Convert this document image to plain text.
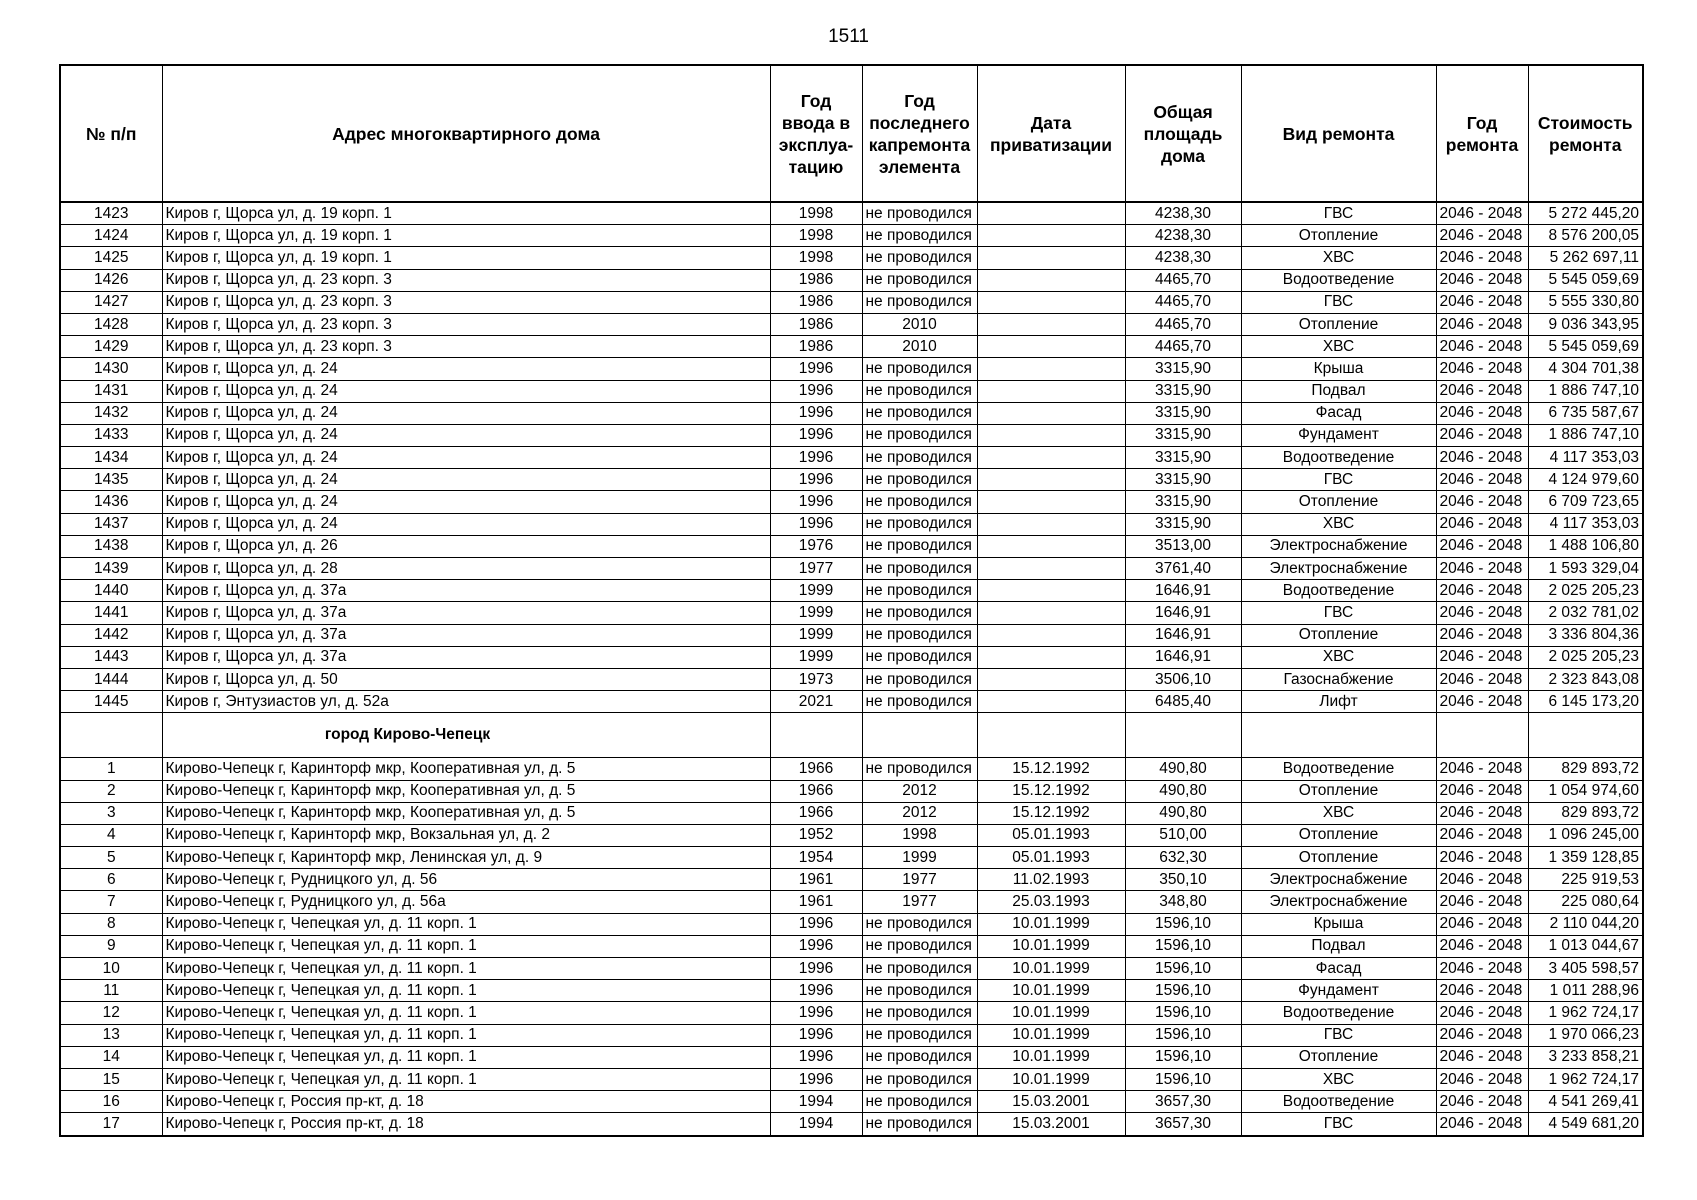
1511
№ п/п	Адрес многоквартирного дома	Год ввода в эксплуа-тацию	Год последнего капремонта элемента	Дата приватизации	Общая площадь дома	Вид ремонта	Год ремонта	Стоимость ремонта
1423	Киров г, Щорса ул, д. 19 корп. 1	1998	не проводился		4238,30	ГВС	2046 - 2048	5 272 445,20
1424	Киров г, Щорса ул, д. 19 корп. 1	1998	не проводился		4238,30	Отопление	2046 - 2048	8 576 200,05
1425	Киров г, Щорса ул, д. 19 корп. 1	1998	не проводился		4238,30	ХВС	2046 - 2048	5 262 697,11
1426	Киров г, Щорса ул, д. 23 корп. 3	1986	не проводился		4465,70	Водоотведение	2046 - 2048	5 545 059,69
1427	Киров г, Щорса ул, д. 23 корп. 3	1986	не проводился		4465,70	ГВС	2046 - 2048	5 555 330,80
1428	Киров г, Щорса ул, д. 23 корп. 3	1986	2010		4465,70	Отопление	2046 - 2048	9 036 343,95
1429	Киров г, Щорса ул, д. 23 корп. 3	1986	2010		4465,70	ХВС	2046 - 2048	5 545 059,69
1430	Киров г, Щорса ул, д. 24	1996	не проводился		3315,90	Крыша	2046 - 2048	4 304 701,38
1431	Киров г, Щорса ул, д. 24	1996	не проводился		3315,90	Подвал	2046 - 2048	1 886 747,10
1432	Киров г, Щорса ул, д. 24	1996	не проводился		3315,90	Фасад	2046 - 2048	6 735 587,67
1433	Киров г, Щорса ул, д. 24	1996	не проводился		3315,90	Фундамент	2046 - 2048	1 886 747,10
1434	Киров г, Щорса ул, д. 24	1996	не проводился		3315,90	Водоотведение	2046 - 2048	4 117 353,03
1435	Киров г, Щорса ул, д. 24	1996	не проводился		3315,90	ГВС	2046 - 2048	4 124 979,60
1436	Киров г, Щорса ул, д. 24	1996	не проводился		3315,90	Отопление	2046 - 2048	6 709 723,65
1437	Киров г, Щорса ул, д. 24	1996	не проводился		3315,90	ХВС	2046 - 2048	4 117 353,03
1438	Киров г, Щорса ул, д. 26	1976	не проводился		3513,00	Электроснабжение	2046 - 2048	1 488 106,80
1439	Киров г, Щорса ул, д. 28	1977	не проводился		3761,40	Электроснабжение	2046 - 2048	1 593 329,04
1440	Киров г, Щорса ул, д. 37а	1999	не проводился		1646,91	Водоотведение	2046 - 2048	2 025 205,23
1441	Киров г, Щорса ул, д. 37а	1999	не проводился		1646,91	ГВС	2046 - 2048	2 032 781,02
1442	Киров г, Щорса ул, д. 37а	1999	не проводился		1646,91	Отопление	2046 - 2048	3 336 804,36
1443	Киров г, Щорса ул, д. 37а	1999	не проводился		1646,91	ХВС	2046 - 2048	2 025 205,23
1444	Киров г, Щорса ул, д. 50	1973	не проводился		3506,10	Газоснабжение	2046 - 2048	2 323 843,08
1445	Киров г, Энтузиастов ул, д. 52а	2021	не проводился		6485,40	Лифт	2046 - 2048	6 145 173,20
	город Кирово-Чепецк							
1	Кирово-Чепецк г, Каринторф мкр, Кооперативная ул, д. 5	1966	не проводился	15.12.1992	490,80	Водоотведение	2046 - 2048	829 893,72
2	Кирово-Чепецк г, Каринторф мкр, Кооперативная ул, д. 5	1966	2012	15.12.1992	490,80	Отопление	2046 - 2048	1 054 974,60
3	Кирово-Чепецк г, Каринторф мкр, Кооперативная ул, д. 5	1966	2012	15.12.1992	490,80	ХВС	2046 - 2048	829 893,72
4	Кирово-Чепецк г, Каринторф мкр, Вокзальная ул, д. 2	1952	1998	05.01.1993	510,00	Отопление	2046 - 2048	1 096 245,00
5	Кирово-Чепецк г, Каринторф мкр, Ленинская ул, д. 9	1954	1999	05.01.1993	632,30	Отопление	2046 - 2048	1 359 128,85
6	Кирово-Чепецк г, Рудницкого ул, д. 56	1961	1977	11.02.1993	350,10	Электроснабжение	2046 - 2048	225 919,53
7	Кирово-Чепецк г, Рудницкого ул, д. 56а	1961	1977	25.03.1993	348,80	Электроснабжение	2046 - 2048	225 080,64
8	Кирово-Чепецк г, Чепецкая ул, д. 11 корп. 1	1996	не проводился	10.01.1999	1596,10	Крыша	2046 - 2048	2 110 044,20
9	Кирово-Чепецк г, Чепецкая ул, д. 11 корп. 1	1996	не проводился	10.01.1999	1596,10	Подвал	2046 - 2048	1 013 044,67
10	Кирово-Чепецк г, Чепецкая ул, д. 11 корп. 1	1996	не проводился	10.01.1999	1596,10	Фасад	2046 - 2048	3 405 598,57
11	Кирово-Чепецк г, Чепецкая ул, д. 11 корп. 1	1996	не проводился	10.01.1999	1596,10	Фундамент	2046 - 2048	1 011 288,96
12	Кирово-Чепецк г, Чепецкая ул, д. 11 корп. 1	1996	не проводился	10.01.1999	1596,10	Водоотведение	2046 - 2048	1 962 724,17
13	Кирово-Чепецк г, Чепецкая ул, д. 11 корп. 1	1996	не проводился	10.01.1999	1596,10	ГВС	2046 - 2048	1 970 066,23
14	Кирово-Чепецк г, Чепецкая ул, д. 11 корп. 1	1996	не проводился	10.01.1999	1596,10	Отопление	2046 - 2048	3 233 858,21
15	Кирово-Чепецк г, Чепецкая ул, д. 11 корп. 1	1996	не проводился	10.01.1999	1596,10	ХВС	2046 - 2048	1 962 724,17
16	Кирово-Чепецк г, Россия пр-кт, д. 18	1994	не проводился	15.03.2001	3657,30	Водоотведение	2046 - 2048	4 541 269,41
17	Кирово-Чепецк г, Россия пр-кт, д. 18	1994	не проводился	15.03.2001	3657,30	ГВС	2046 - 2048	4 549 681,20
